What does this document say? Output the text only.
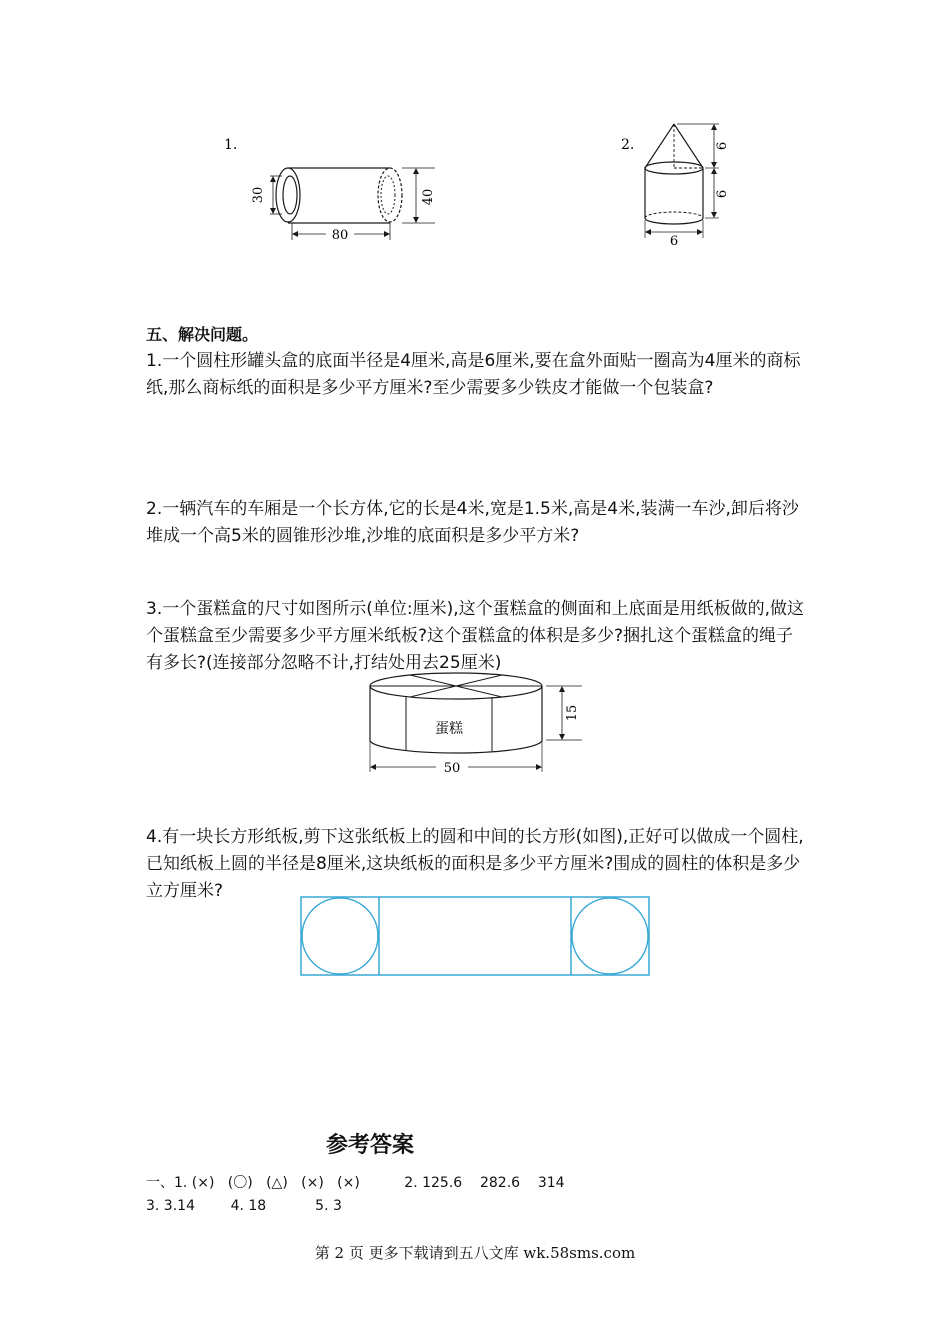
1.
30	40
80
2.	6
6
6
五、解决问题。
1.一个圆柱形罐头盒的底面半径是4厘米,高是6厘米,要在盒外面贴一圈高为4厘米的商标纸,那么商标纸的面积是多少平方厘米?至少需要多少铁皮才能做一个包装盒?
2.一辆汽车的车厢是一个长方体,它的长是4米,宽是1.5米,高是4米,装满一车沙,卸后将沙堆成一个高5米的圆锥形沙堆,沙堆的底面积是多少平方米?
3.一个蛋糕盒的尺寸如图所示(单位:厘米),这个蛋糕盒的侧面和上底面是用纸板做的,做这个蛋糕盒至少需要多少平方厘米纸板?这个蛋糕盒的体积是多少?捆扎这个蛋糕盒的绳子有多长?(连接部分忽略不计,打结处用去25厘米)
蛋糕
15
50
4.有一块长方形纸板,剪下这张纸板上的圆和中间的长方形(如图),正好可以做成一个圆柱,已知纸板上圆的半径是8厘米,这块纸板的面积是多少平方厘米?围成的圆柱的体积是多少立方厘米?
参考答案
一、1. (×)   (〇)   (△)   (×)   (×)          2. 125.6    282.6    314
3. 3.14        4. 18           5. 3
第 2 页 更多下载请到五八文库 wk.58sms.com
